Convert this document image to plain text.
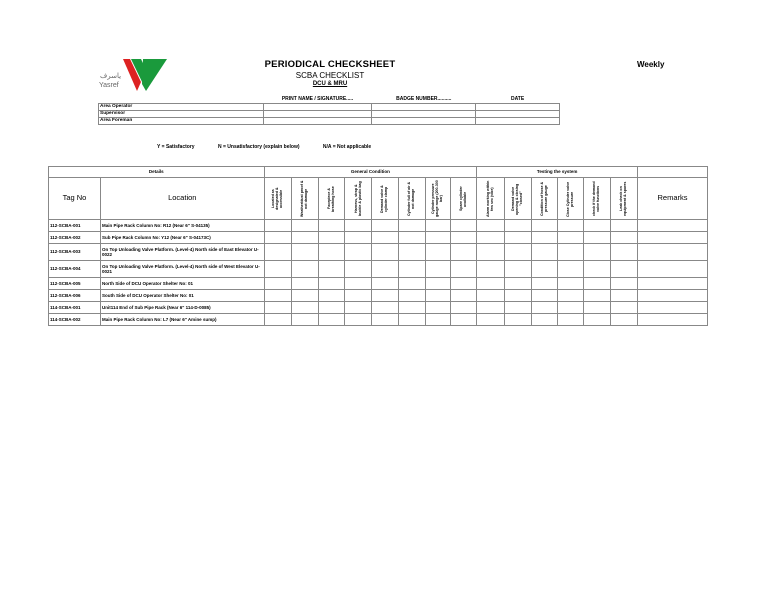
ياسرف
Yasref
PERIODICAL CHECKSHEET
SCBA CHECKLIST
DCU & MRU
Weekly
	PRINT NAME / SIGNATURE.....	BADGE NUMBER..........	DATE
Area Operator			
Supervisor			
Area Foreman			
Y = Satisfactory	N = Unsatisfactory (explain below)	N/A = Not applicable
Details		General Condition								Testing the system						
Tag No	Location	Located as designated & accessible	Weather/dust proof & not damage	Facepiece & breathing hose	Harness, strap & buckle & plastic bag	Demand valve & cylinder clamp	Cylinder full of air & not damage	Cylinder pressure gauge range (200-300 bar)	Spare cylinder available	Alarm working within few sec (vibe)	Demand valve opening & closing "closed"	Condition of hose & pressure gauge	Close Cylinder valve pressure	check if the demand valve functions	Leak check on equipment & spares	Remarks
112-SCBA-001	Main Pipe Rack Column No: R12 (Near 6" S-04135)															
112-SCBA-002	Sub Pipe Rack Column No: Y12 (Near 6" S-04173C)															
112-SCBA-003	On Top Unloading Valve Platform. (Level-4) North side of East Elevator U-0022															
112-SCBA-004	On Top Unloading Valve Platform. (Level-4) North side of West Elevator U-0021															
112-SCBA-005	North Side of DCU Operator Shelter No: 01															
112-SCBA-006	South Side of DCU Operator Shelter No: 01															
114-SCBA-001	Unit114 End of Sub Pipe Rack (Near 6" 114-D-0085)															
114-SCBA-002	Main Pipe Rack Column No: L7 (Near 6" Amine sump)															
